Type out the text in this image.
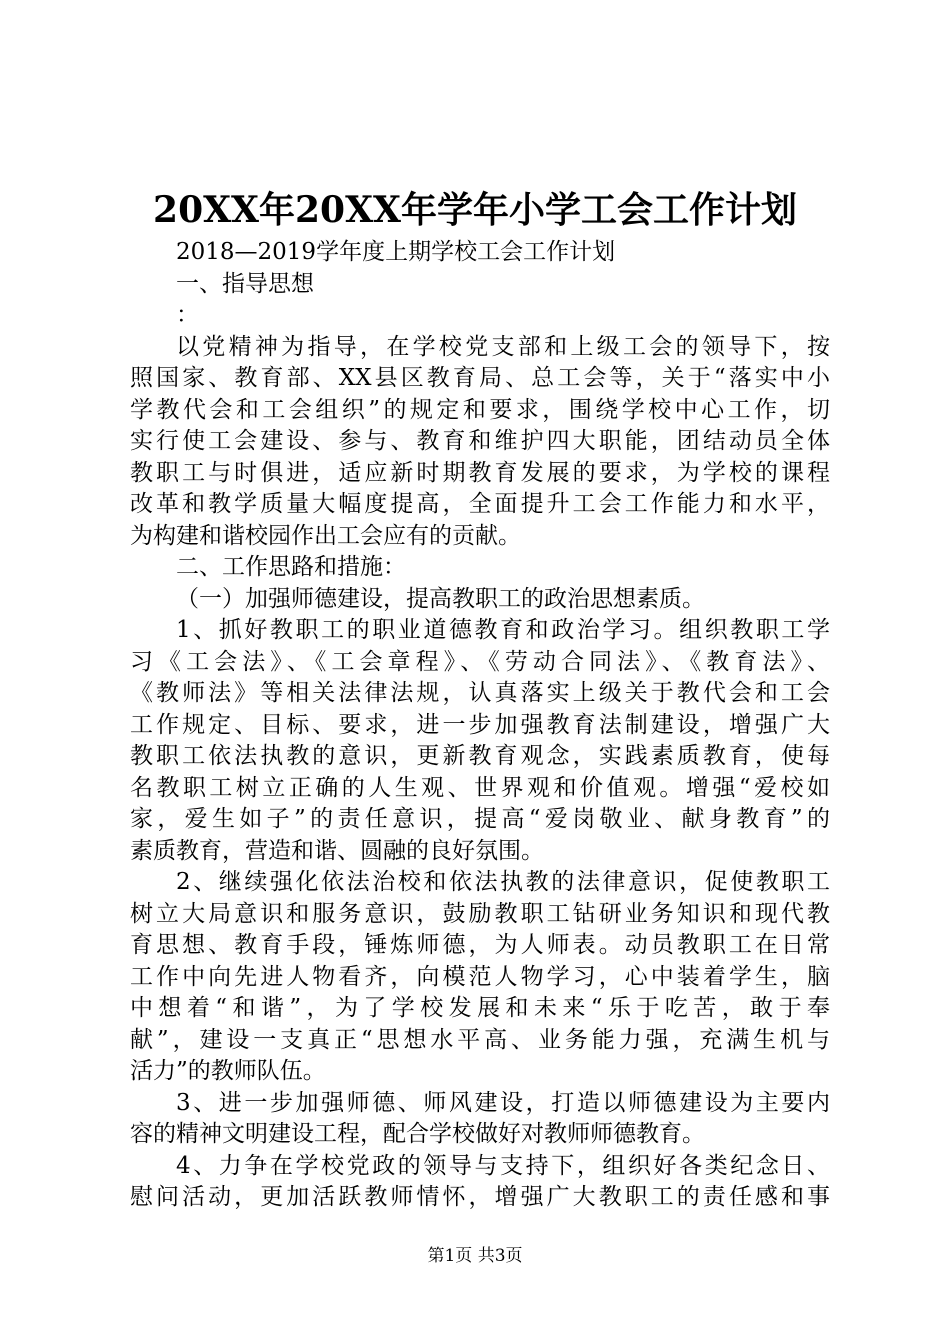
20XX年20XX年学年小学工会工作计划
2018—2019学年度上期学校工会工作计划
一、指导思想
：
以党精神为指导，在学校党支部和上级工会的领导下，按
照国家、教育部、XX县区教育局、总工会等，关于“落实中小
学教代会和工会组织”的规定和要求，围绕学校中心工作，切
实行使工会建设、参与、教育和维护四大职能，团结动员全体
教职工与时俱进，适应新时期教育发展的要求，为学校的课程
改革和教学质量大幅度提高，全面提升工会工作能力和水平，
为构建和谐校园作出工会应有的贡献。
二、工作思路和措施：
（一）加强师德建设，提高教职工的政治思想素质。
1、抓好教职工的职业道德教育和政治学习。组织教职工学
习《工会法》、《工会章程》、《劳动合同法》、《教育法》、
《教师法》等相关法律法规，认真落实上级关于教代会和工会
工作规定、目标、要求，进一步加强教育法制建设，增强广大
教职工依法执教的意识，更新教育观念，实践素质教育，使每
名教职工树立正确的人生观、世界观和价值观。增强“爱校如
家，爱生如子”的责任意识，提高“爱岗敬业、献身教育”的
素质教育，营造和谐、圆融的良好氛围。
2、继续强化依法治校和依法执教的法律意识，促使教职工
树立大局意识和服务意识，鼓励教职工钻研业务知识和现代教
育思想、教育手段，锤炼师德，为人师表。动员教职工在日常
工作中向先进人物看齐，向模范人物学习，心中装着学生，脑
中想着“和谐”，为了学校发展和未来“乐于吃苦，敢于奉
献”，建设一支真正“思想水平高、业务能力强，充满生机与
活力”的教师队伍。
3、进一步加强师德、师风建设，打造以师德建设为主要内
容的精神文明建设工程，配合学校做好对教师师德教育。
4、力争在学校党政的领导与支持下，组织好各类纪念日、
慰问活动，更加活跃教师情怀，增强广大教职工的责任感和事
第1页 共3页
